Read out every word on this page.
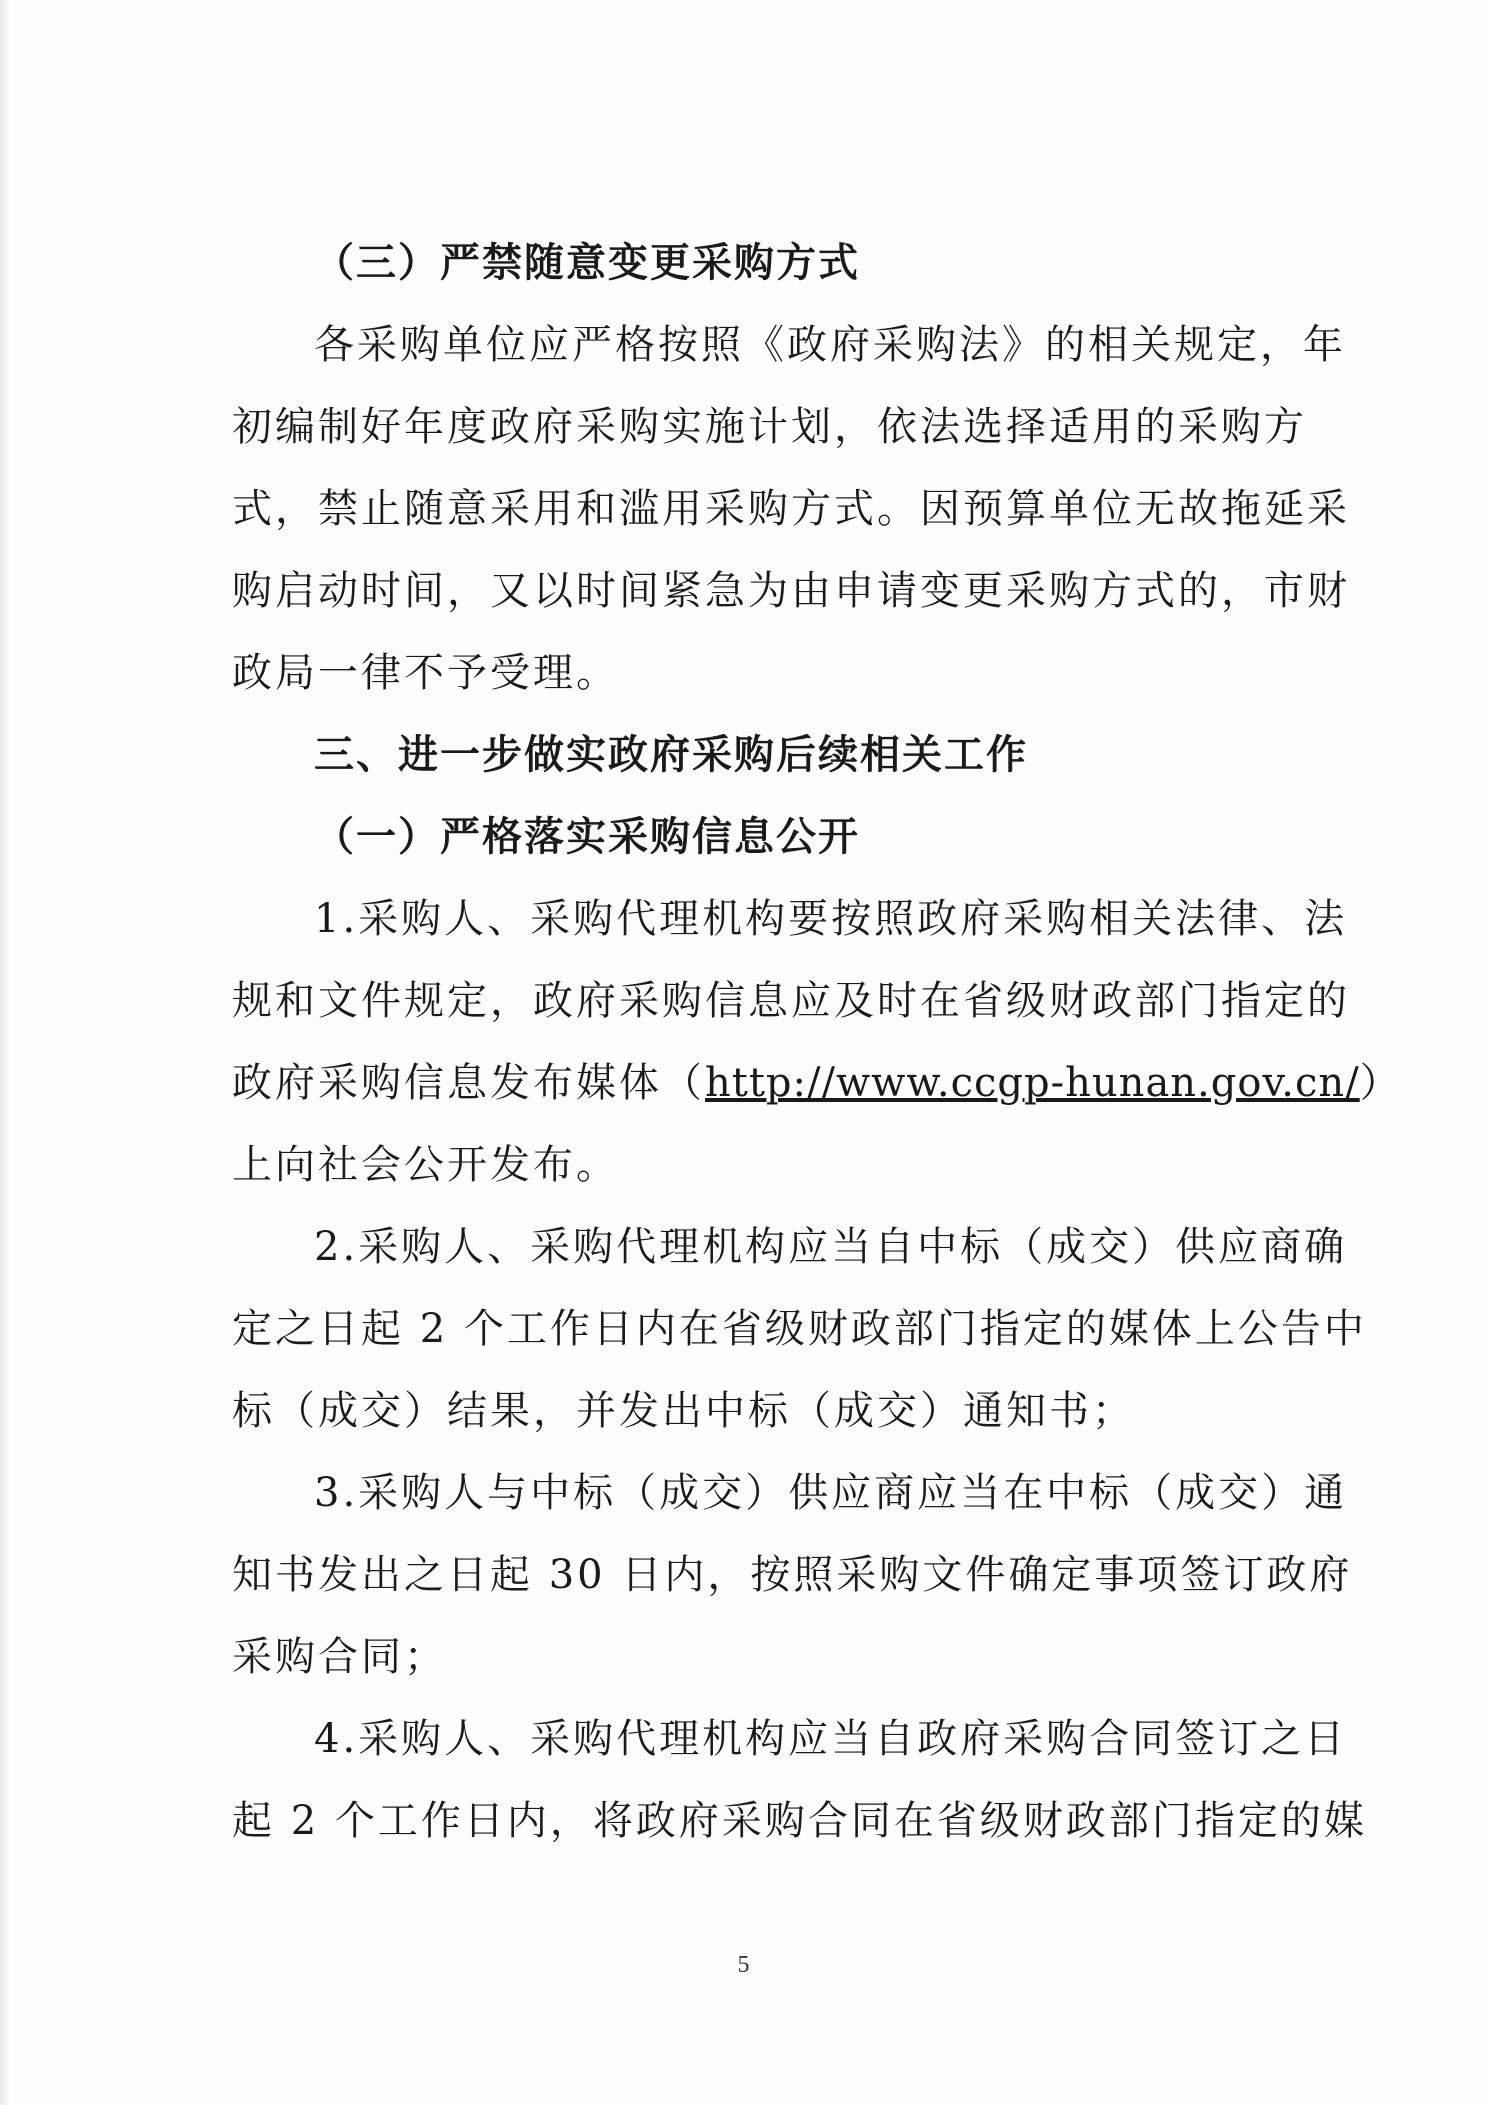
（三）严禁随意变更采购方式
各采购单位应严格按照《政府采购法》的相关规定，年
初编制好年度政府采购实施计划，依法选择适用的采购方
式，禁止随意采用和滥用采购方式。因预算单位无故拖延采
购启动时间，又以时间紧急为由申请变更采购方式的，市财
政局一律不予受理。
三、进一步做实政府采购后续相关工作
（一）严格落实采购信息公开
1.采购人、采购代理机构要按照政府采购相关法律、法
规和文件规定，政府采购信息应及时在省级财政部门指定的
政府采购信息发布媒体（http://www.ccgp-hunan.gov.cn/）
上向社会公开发布。
2.采购人、采购代理机构应当自中标（成交）供应商确
定之日起 2 个工作日内在省级财政部门指定的媒体上公告中
标（成交）结果，并发出中标（成交）通知书；
3.采购人与中标（成交）供应商应当在中标（成交）通
知书发出之日起 30 日内，按照采购文件确定事项签订政府
采购合同；
4.采购人、采购代理机构应当自政府采购合同签订之日
起 2 个工作日内，将政府采购合同在省级财政部门指定的媒
5
